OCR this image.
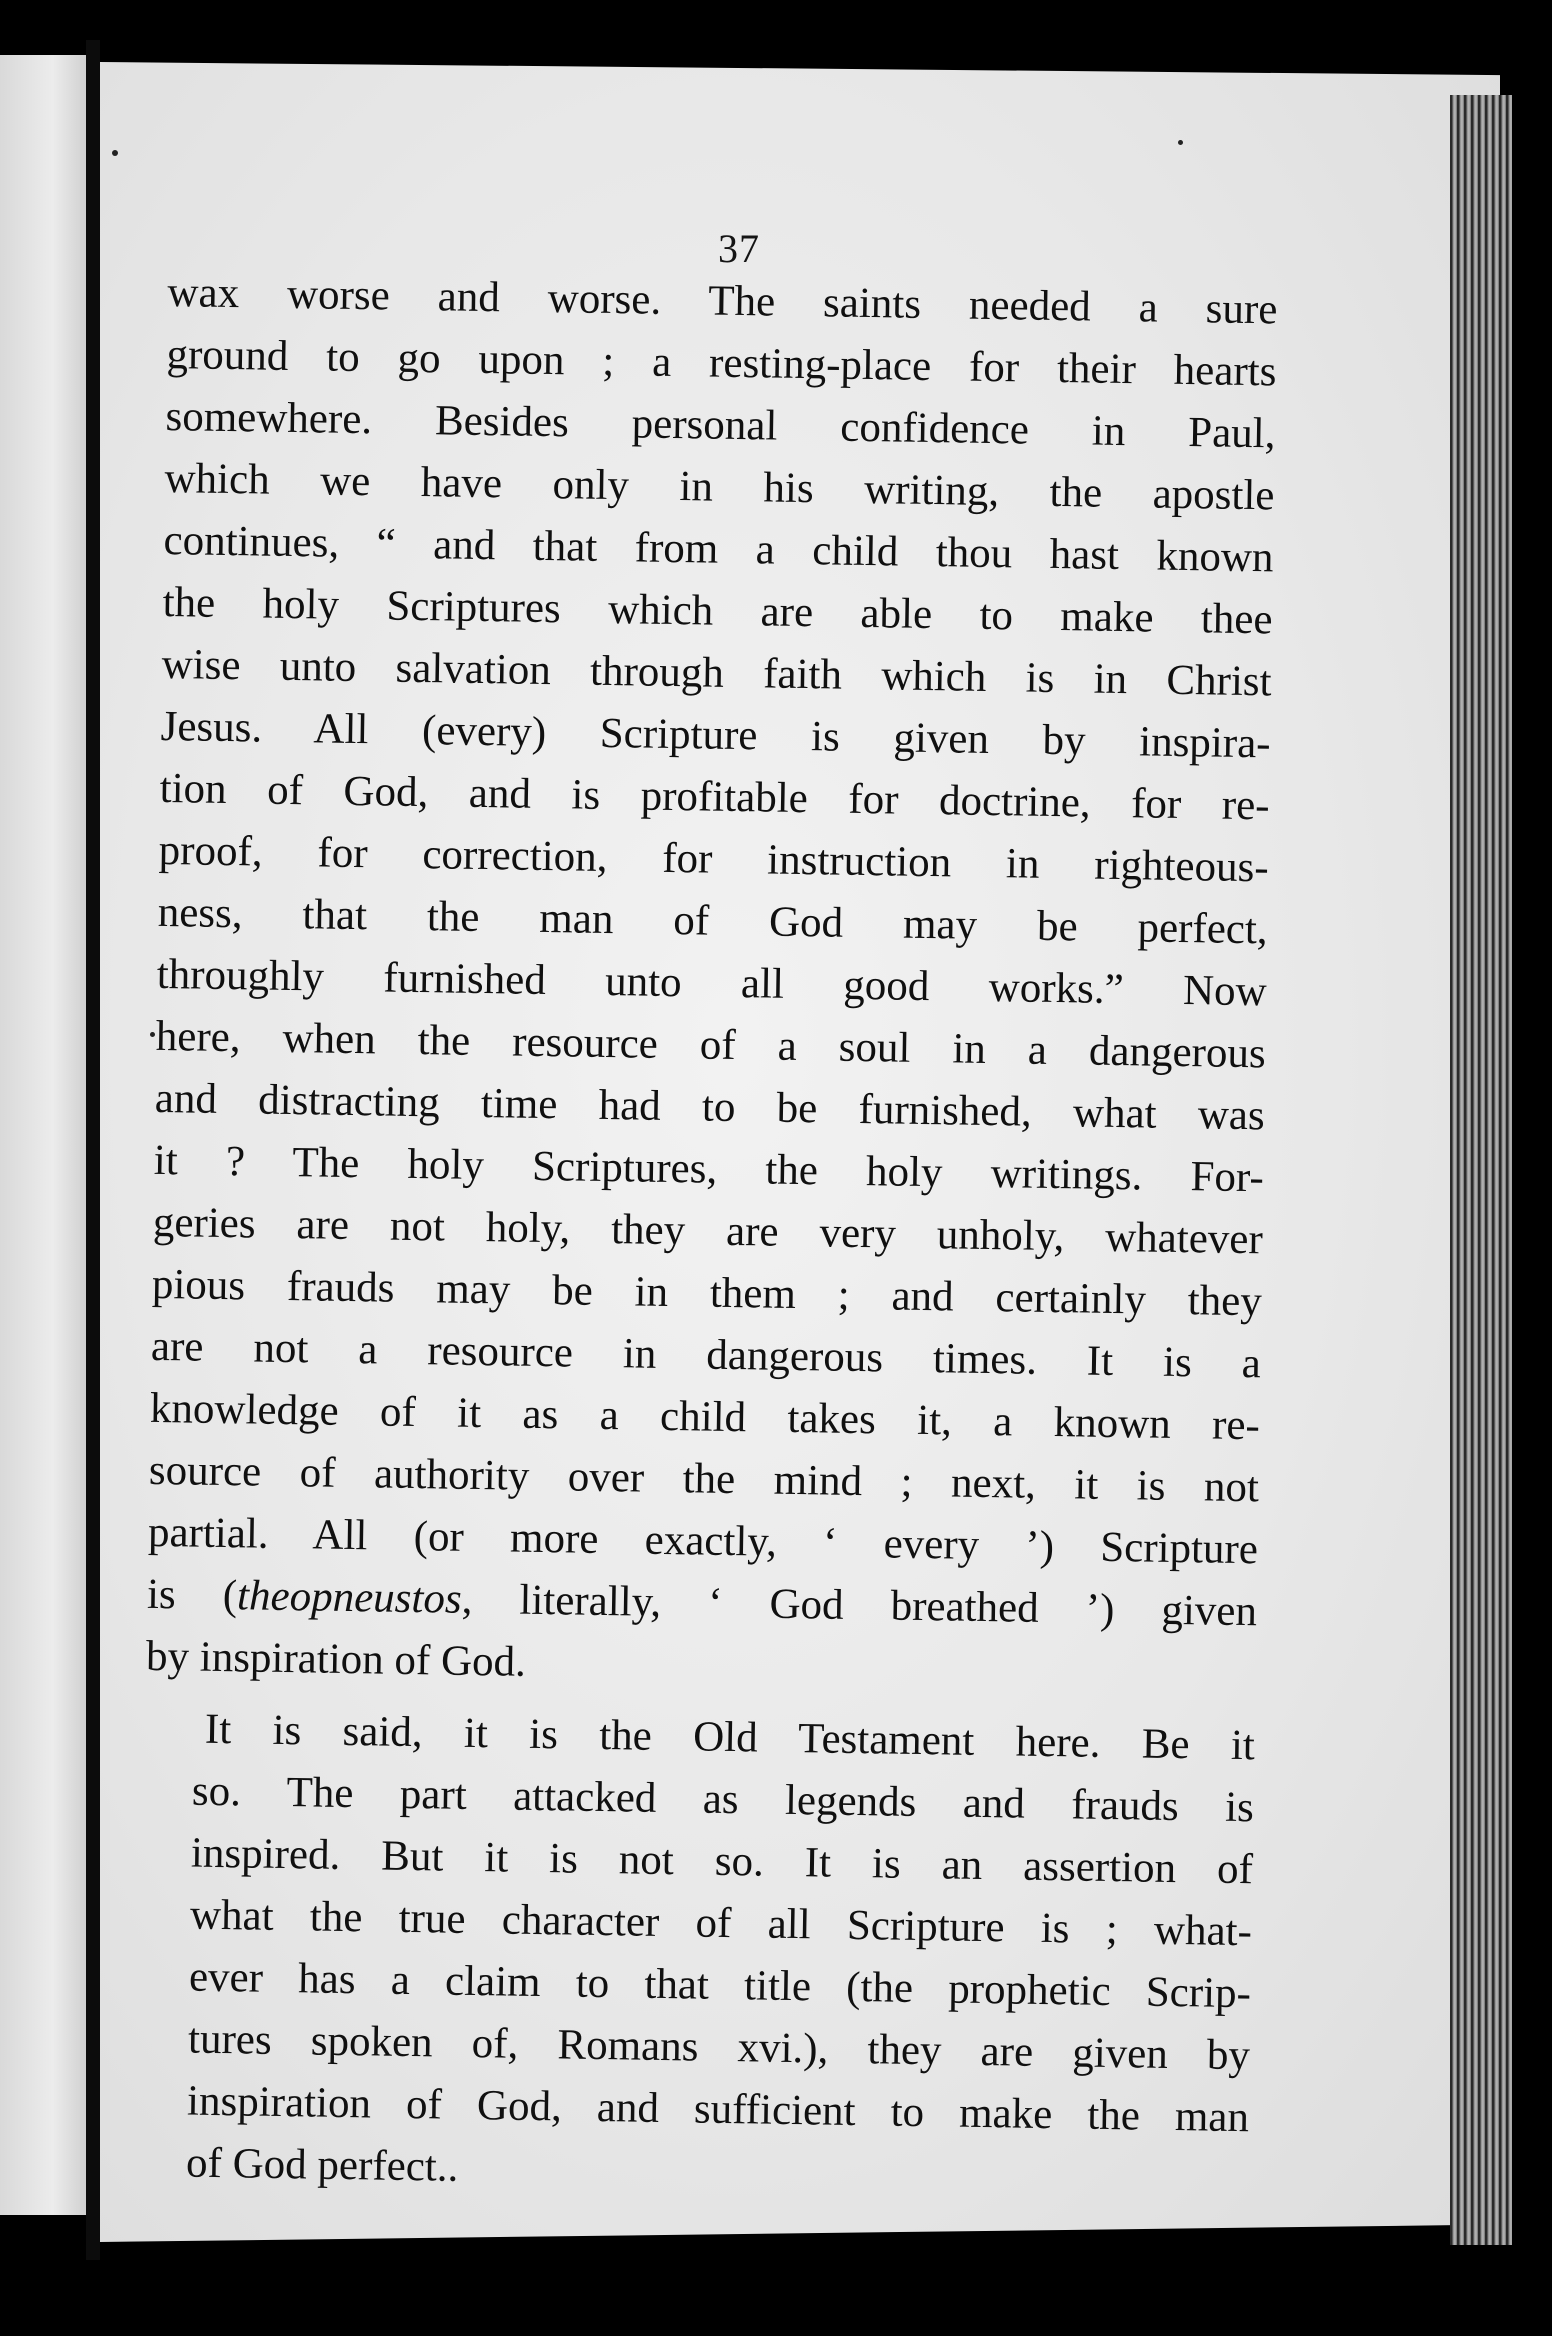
37
wax worse and worse. The saints needed a sure
ground to go upon ; a resting-place for their hearts
somewhere. Besides personal confidence in Paul,
which we have only in his writing, the apostle
continues, “ and that from a child thou hast known
the holy Scriptures which are able to make thee
wise unto salvation through faith which is in Christ
Jesus. All (every) Scripture is given by inspira-
tion of God, and is profitable for doctrine, for re-
proof, for correction, for instruction in righteous-
ness, that the man of God may be perfect,
throughly furnished unto all good works.” Now
here, when the resource of a soul in a dangerous
and distracting time had to be furnished, what was
it ? The holy Scriptures, the holy writings. For-
geries are not holy, they are very unholy, whatever
pious frauds may be in them ; and certainly they
are not a resource in dangerous times. It is a
knowledge of it as a child takes it, a known re-
source of authority over the mind ; next, it is not
partial. All (or more exactly, ‘ every ’) Scripture
is (theopneustos, literally, ‘ God breathed ’) given
by inspiration of God.
It is said, it is the Old Testament here. Be it
so. The part attacked as legends and frauds is
inspired. But it is not so. It is an assertion of
what the true character of all Scripture is ; what-
ever has a claim to that title (the prophetic Scrip-
tures spoken of, Romans xvi.), they are given by
inspiration of God, and sufficient to make the man
of God perfect..
